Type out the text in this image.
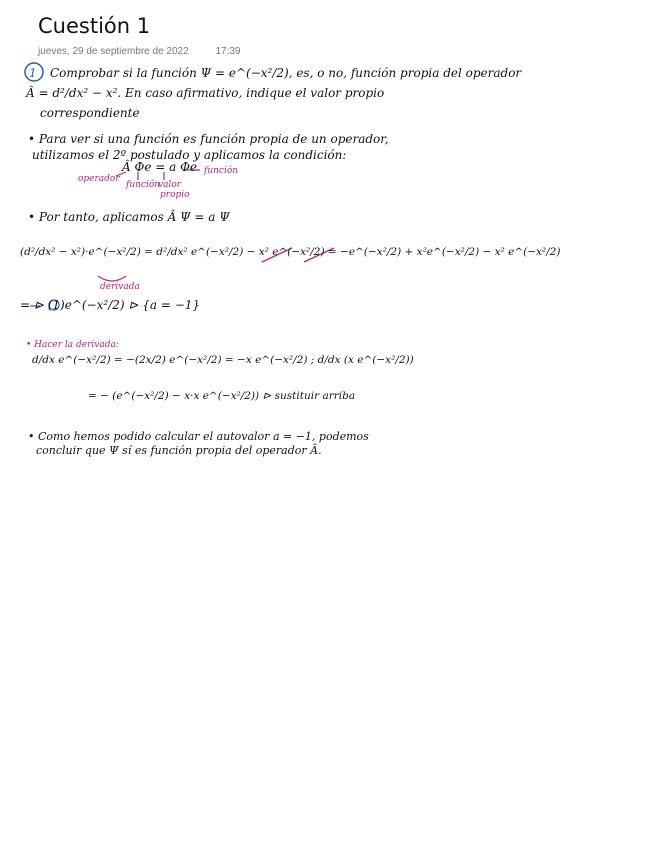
Cuestión 1
jueves, 29 de septiembre de 2022	17:39
1 Comprobar si la función Ψ = e^(−x²/2), es, o no, función propia del operador
Â = d²/dx² − x². En caso afirmativo, indique el valor propio
correspondiente
• Para ver si una función es función propia de un operador,
utilizamos el 2º postulado y aplicamos la condición:
Â Φe = a Φe función
operador
función
valor
propio
• Por tanto, aplicamos Â Ψ = a Ψ
(d²/dx² − x²)·e^(−x²/2) = d²/dx² e^(−x²/2) − x² e^(−x²/2) = −e^(−x²/2) + x²e^(−x²/2) − x² e^(−x²/2)
derivada
= ⊳ (1)e^(−x²/2) ⊳ {a = −1}
• Hacer la derivada:
d/dx e^(−x²/2) = −(2x/2) e^(−x²/2) = −x e^(−x²/2) ; d/dx (x e^(−x²/2))
= − (e^(−x²/2) − x·x e^(−x²/2)) ⊳ sustituir arriba
• Como hemos podido calcular el autovalor a = −1, podemos
concluir que Ψ sí es función propia del operador Â.
